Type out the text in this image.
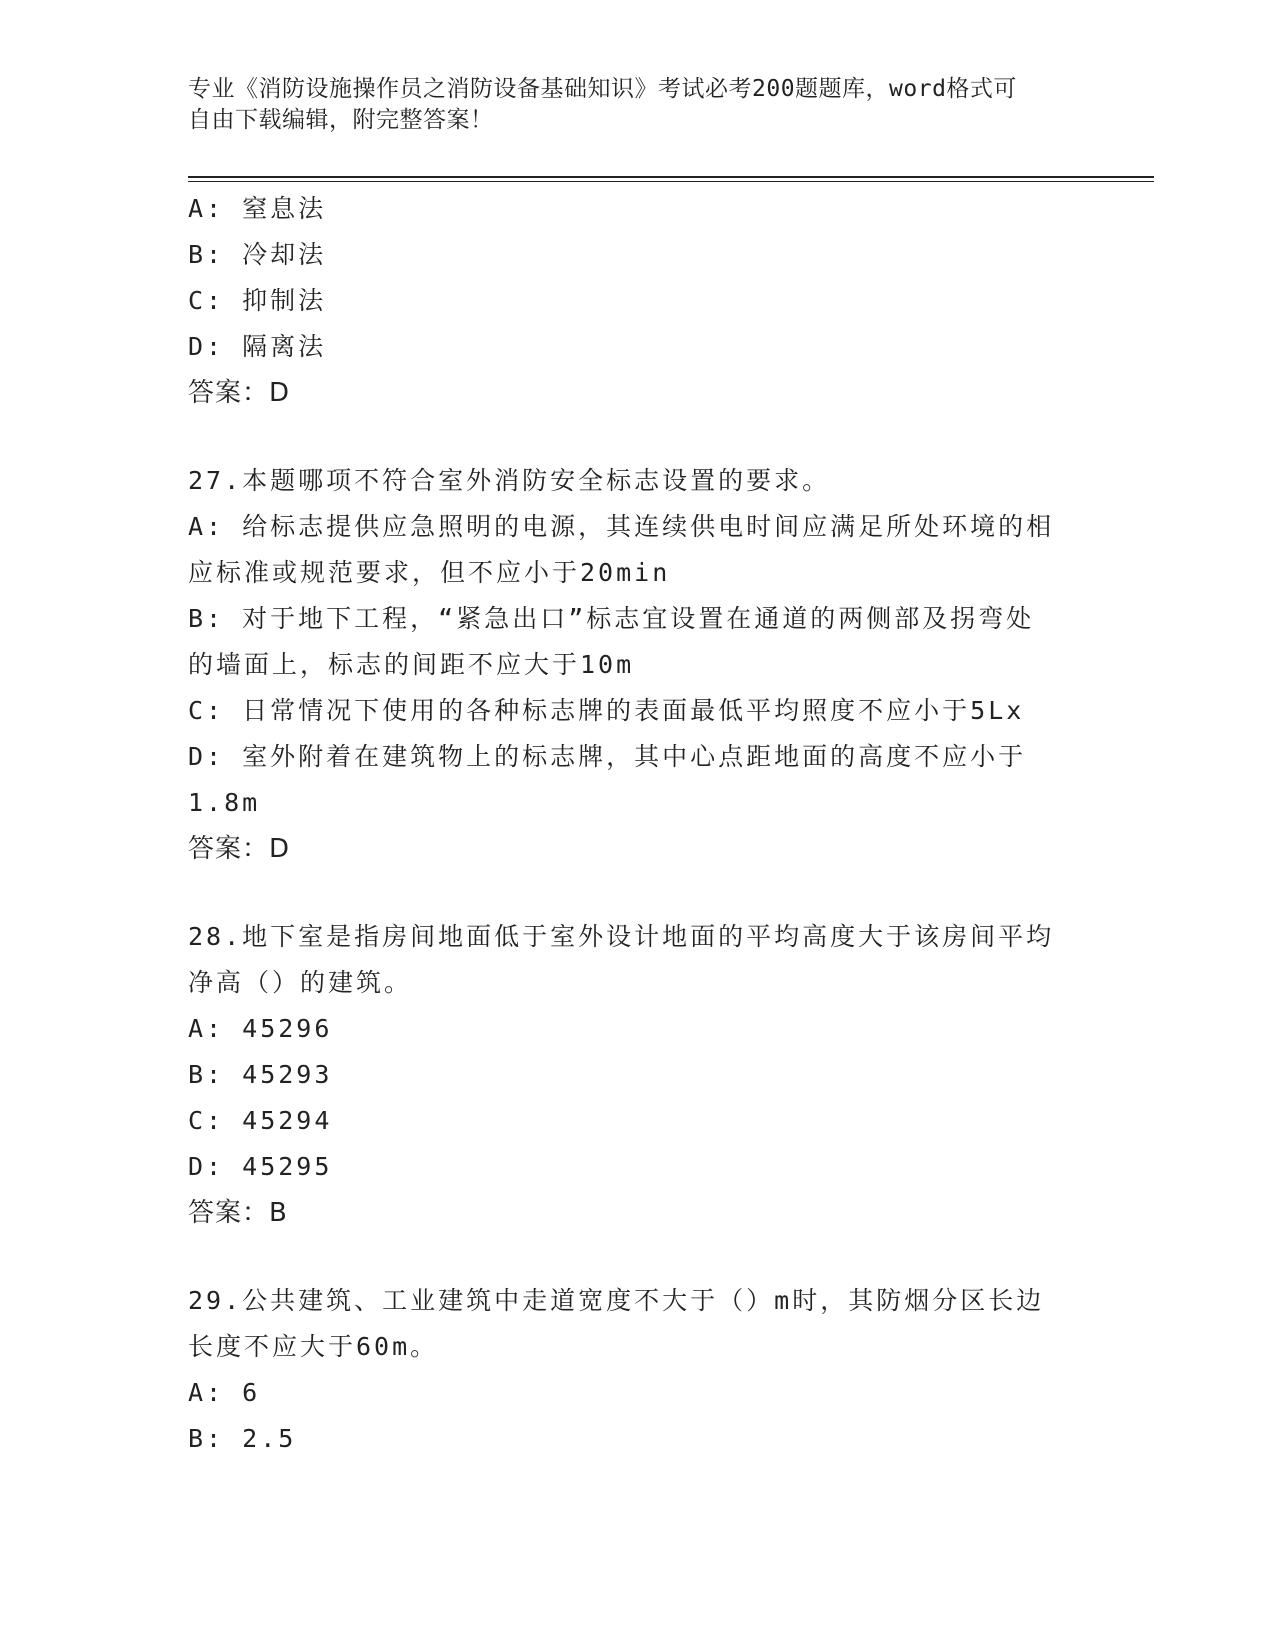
专业《消防设施操作员之消防设备基础知识》考试必考200题题库，word格式可
自由下载编辑，附完整答案！
A: 窒息法
B: 冷却法
C: 抑制法
D: 隔离法
答案：D
27.本题哪项不符合室外消防安全标志设置的要求。
A: 给标志提供应急照明的电源，其连续供电时间应满足所处环境的相
应标准或规范要求，但不应小于20min
B: 对于地下工程，“紧急出口”标志宜设置在通道的两侧部及拐弯处
的墙面上，标志的间距不应大于10m
C: 日常情况下使用的各种标志牌的表面最低平均照度不应小于5Lx
D: 室外附着在建筑物上的标志牌，其中心点距地面的高度不应小于
1.8m
答案：D
28.地下室是指房间地面低于室外设计地面的平均高度大于该房间平均
净高（）的建筑。
A: 45296
B: 45293
C: 45294
D: 45295
答案：B
29.公共建筑、工业建筑中走道宽度不大于（）m时，其防烟分区长边
长度不应大于60m。
A: 6
B: 2.5
